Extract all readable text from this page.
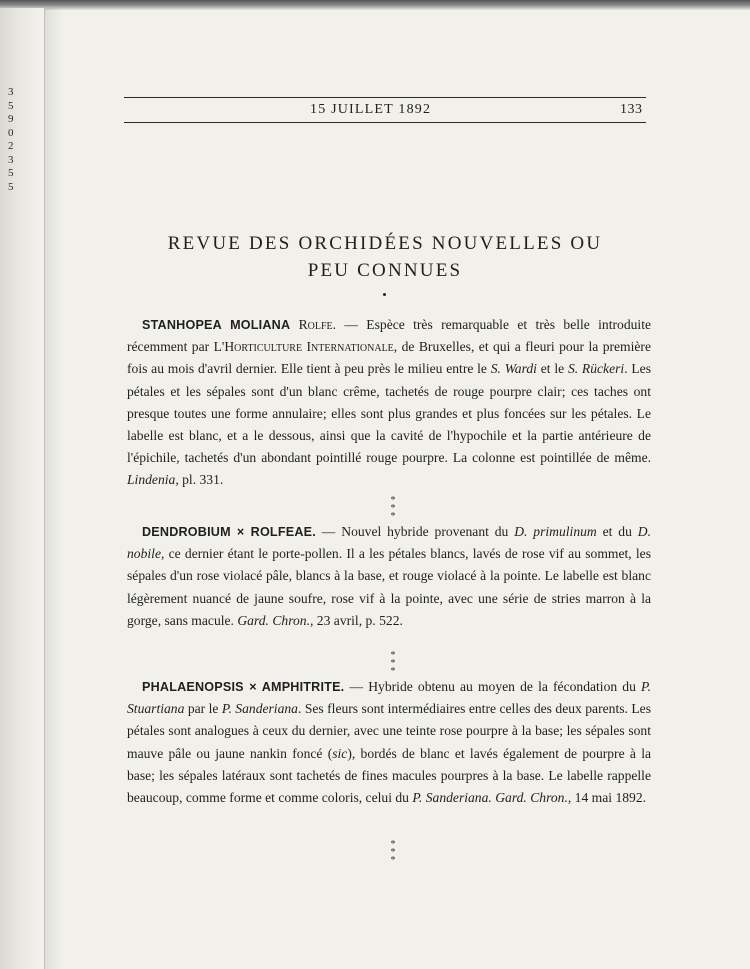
3
5
9
0
2
3
5
5
15 JUILLET 1892	133
REVUE DES ORCHIDÉES NOUVELLES OU
PEU CONNUES
STANHOPEA MOLIANA Rolfe. — Espèce très remarquable et très belle introduite récemment par L'Horticulture Internationale, de Bruxelles, et qui a fleuri pour la première fois au mois d'avril dernier. Elle tient à peu près le milieu entre le S. Wardi et le S. Rückeri. Les pétales et les sépales sont d'un blanc crême, tachetés de rouge pourpre clair; ces taches ont presque toutes une forme annulaire; elles sont plus grandes et plus foncées sur les pétales. Le labelle est blanc, et a le dessous, ainsi que la cavité de l'hypochile et la partie antérieure de l'épichile, tachetés d'un abondant pointillé rouge pourpre. La colonne est pointillée de même. Lindenia, pl. 331.
*
* *
DENDROBIUM × ROLFEAE. — Nouvel hybride provenant du D. primulinum et du D. nobile, ce dernier étant le porte-pollen. Il a les pétales blancs, lavés de rose vif au sommet, les sépales d'un rose violacé pâle, blancs à la base, et rouge violacé à la pointe. Le labelle est blanc légèrement nuancé de jaune soufre, rose vif à la pointe, avec une série de stries marron à la gorge, sans macule. Gard. Chron., 23 avril, p. 522.
*
* *
PHALAENOPSIS × AMPHITRITE. — Hybride obtenu au moyen de la fécondation du P. Stuartiana par le P. Sanderiana. Ses fleurs sont intermédiaires entre celles des deux parents. Les pétales sont analogues à ceux du dernier, avec une teinte rose pourpre à la base; les sépales sont mauve pâle ou jaune nankin foncé (sic), bordés de blanc et lavés également de pourpre à la base; les sépales latéraux sont tachetés de fines macules pourpres à la base. Le labelle rappelle beaucoup, comme forme et comme coloris, celui du P. Sanderiana. Gard. Chron., 14 mai 1892.
*
* *
